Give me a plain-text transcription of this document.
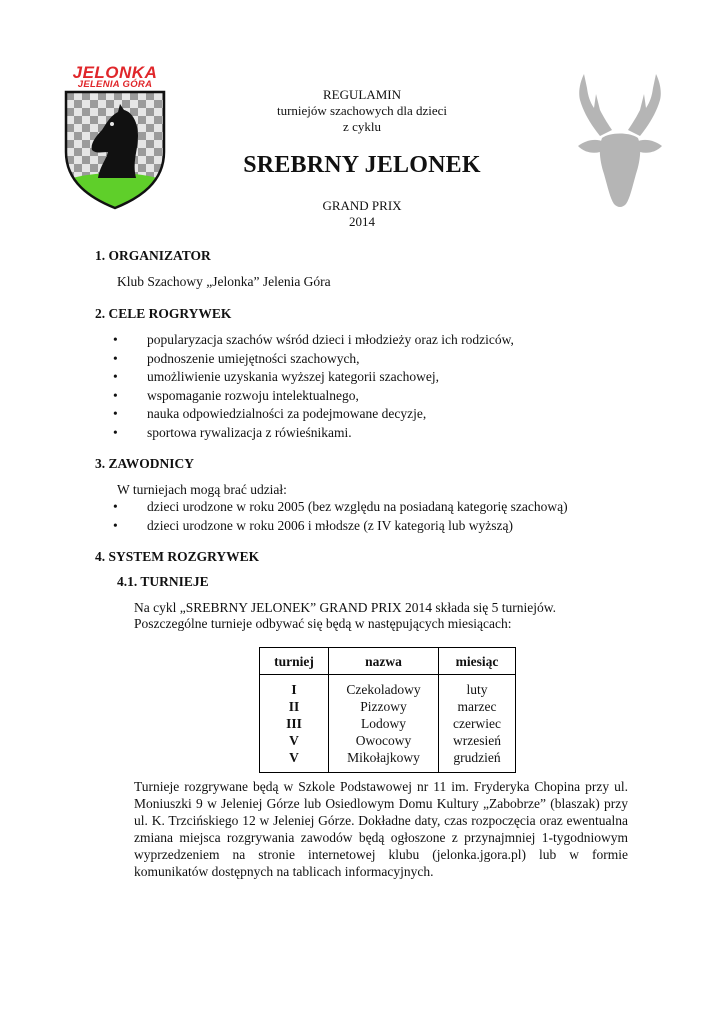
JELONKA
JELENIA GÓRA
REGULAMIN
turniejów szachowych dla dzieci
z cyklu
SREBRNY JELONEK
GRAND PRIX
2014
1. ORGANIZATOR
Klub Szachowy „Jelonka” Jelenia Góra
2. CELE ROGRYWEK
• popularyzacja szachów wśród dzieci i młodzieży oraz ich rodziców,
• podnoszenie umiejętności szachowych,
• umożliwienie uzyskania wyższej kategorii szachowej,
• wspomaganie rozwoju intelektualnego,
• nauka odpowiedzialności za podejmowane decyzje,
• sportowa rywalizacja z rówieśnikami.
3. ZAWODNICY
W turniejach mogą brać udział:
• dzieci urodzone w roku 2005 (bez względu na posiadaną kategorię szachową)
• dzieci urodzone w roku 2006 i młodsze (z IV kategorią lub wyższą)
4. SYSTEM ROZGRYWEK
4.1. TURNIEJE
Na cykl „SREBRNY JELONEK” GRAND PRIX 2014 składa się 5 turniejów.
Poszczególne turnieje odbywać się będą w następujących miesiącach:
turniej	nazwa	miesiąc
I	Czekoladowy	luty
II	Pizzowy	marzec
III	Lodowy	czerwiec
V	Owocowy	wrzesień
V	Mikołajkowy	grudzień
Turnieje rozgrywane będą w Szkole Podstawowej nr 11 im. Fryderyka Chopina przy ul. Moniuszki 9 w Jeleniej Górze lub Osiedlowym Domu Kultury „Zabobrze” (blaszak) przy ul. K. Trzcińskiego 12 w Jeleniej Górze. Dokładne daty, czas rozpoczęcia oraz ewentualna zmiana miejsca rozgrywania zawodów będą ogłoszone z przynajmniej 1-tygodniowym wyprzedzeniem na stronie internetowej klubu (jelonka.jgora.pl) lub w formie komunikatów dostępnych na tablicach informacyjnych.
